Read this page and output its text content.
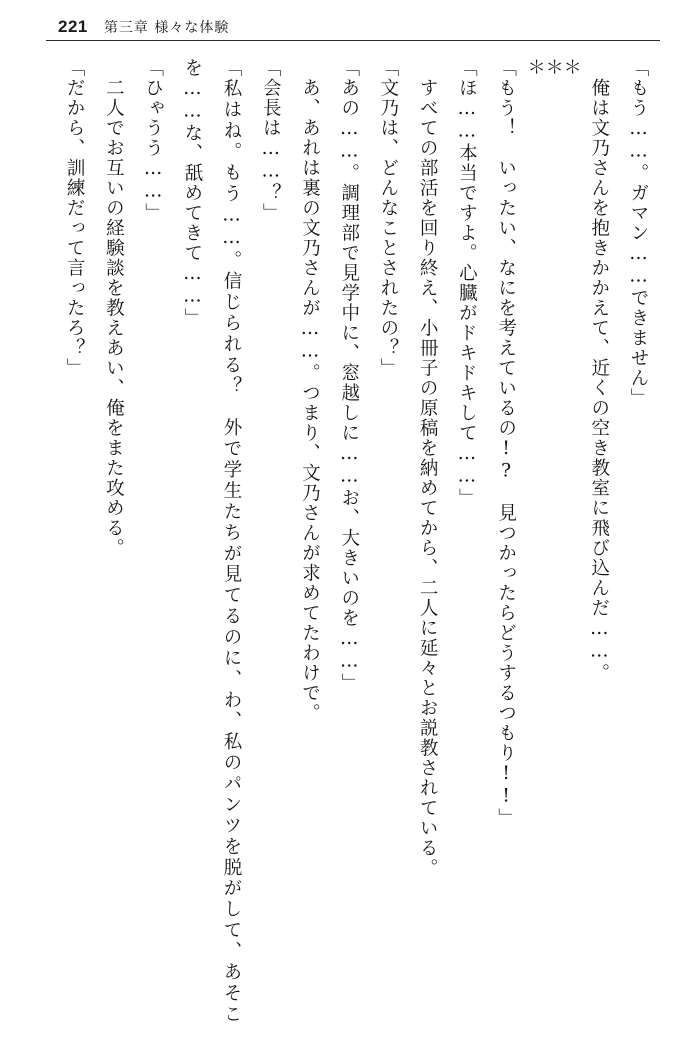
221 第三章 様々な体験

「もう……。ガマン……できません」

俺は文乃さんを抱きかかえて、近くの空き教室に飛び込んだ……。

＊
＊
＊

「もう！　いったい、なにを考えているの!?　見つかったらどうするつもり!!」

「ほ……本当ですよ。心臓がドキドキして……」

すべての部活を回り終え、小冊子の原稿を納めてから、二人に延々とお説教されている。

「文乃は、どんなことされたの？」

「あの……。調理部で見学中に、窓越しに……お、大きいのを……」

あ、あれは裏の文乃さんが……。つまり、文乃さんが求めてたわけで。

「会長は……？」

「私はね。もう……。信じられる？　外で学生たちが見てるのに、わ、私のパンツを脱がして、あそこを……な、舐めてきて……」

「ひゃうう……」

二人でお互いの経験談を教えあい、俺をまた攻める。

「だから、訓練だって言ったろ？」
